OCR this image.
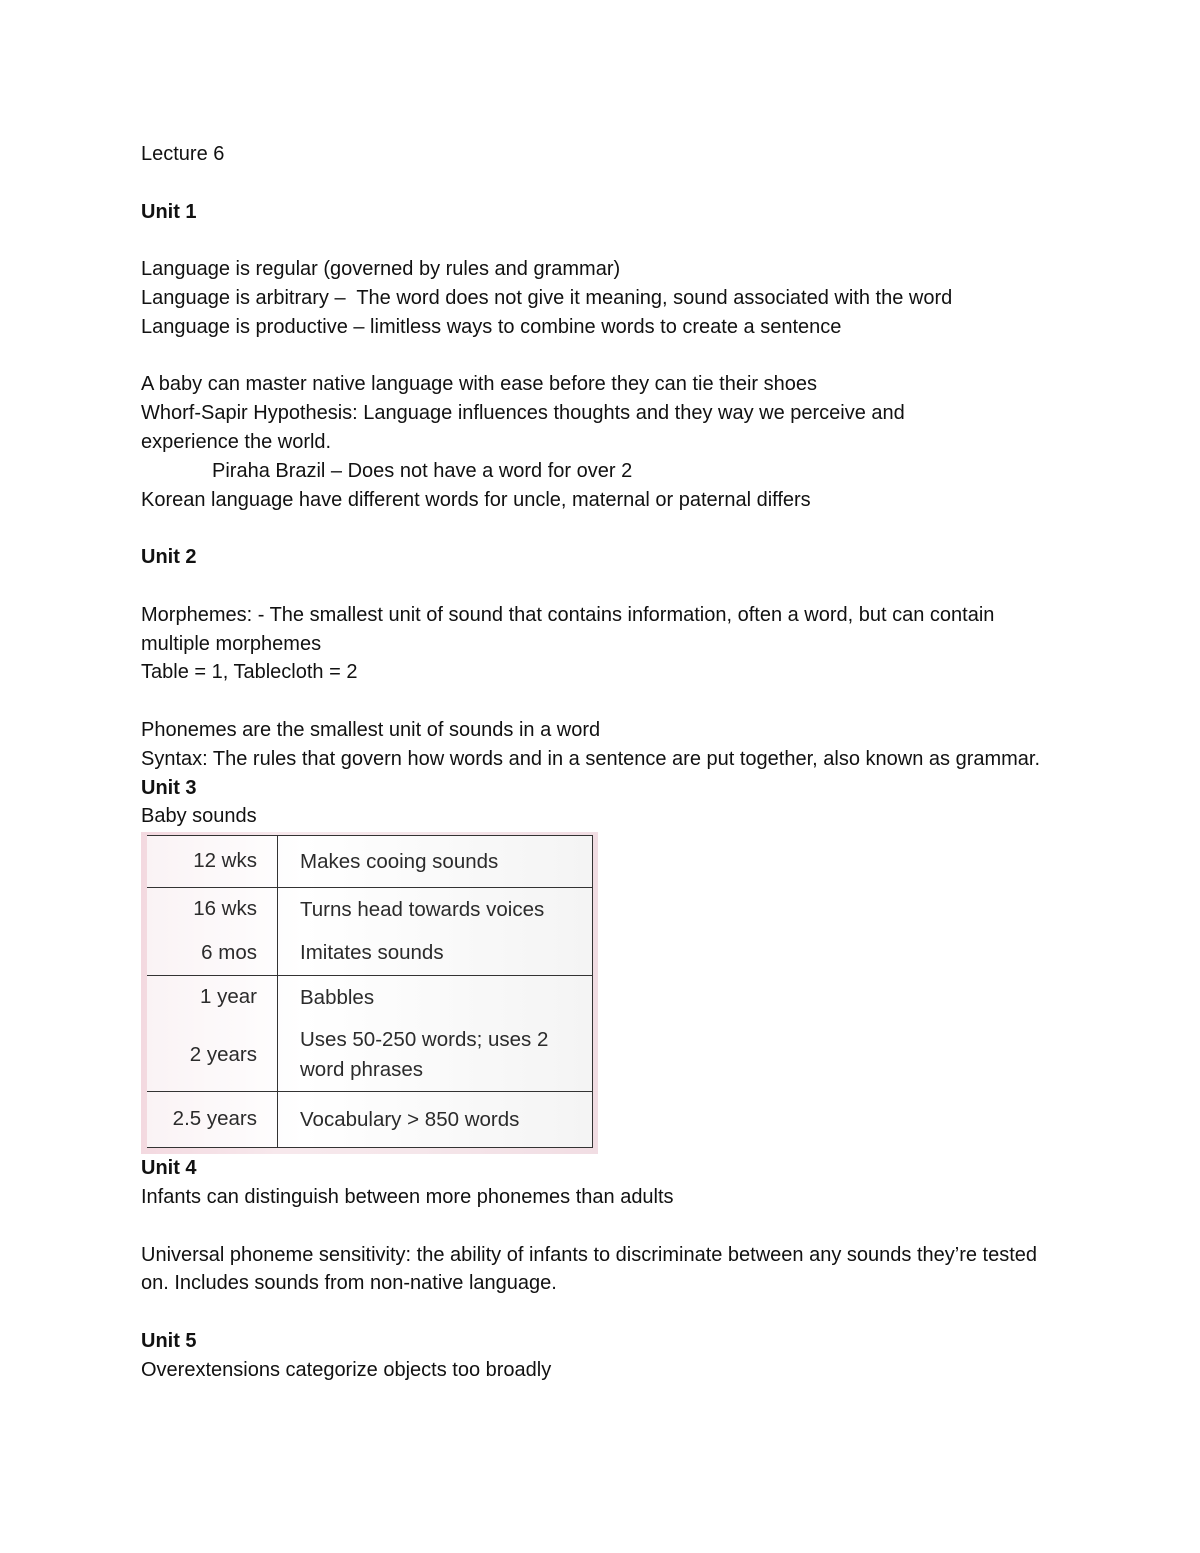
Lecture 6
Unit 1
Language is regular (governed by rules and grammar)
Language is arbitrary –  The word does not give it meaning, sound associated with the word
Language is productive – limitless ways to combine words to create a sentence
A baby can master native language with ease before they can tie their shoes
Whorf-Sapir Hypothesis: Language influences thoughts and they way we perceive and experience the world.
Piraha Brazil – Does not have a word for over 2
Korean language have different words for uncle, maternal or paternal differs
Unit 2
Morphemes: - The smallest unit of sound that contains information, often a word, but can contain multiple morphemes
Table = 1, Tablecloth = 2
Phonemes are the smallest unit of sounds in a word
Syntax: The rules that govern how words and in a sentence are put together, also known as grammar.
Unit 3
Baby sounds
12 wks	Makes cooing sounds
16 wks	Turns head towards voices
6 mos	Imitates sounds
1 year	Babbles
2 years	Uses 50-250 words; uses 2 word phrases
2.5 years	Vocabulary > 850 words
Unit 4
Infants can distinguish between more phonemes than adults
Universal phoneme sensitivity: the ability of infants to discriminate between any sounds they’re tested on. Includes sounds from non-native language.
Unit 5
Overextensions categorize objects too broadly
